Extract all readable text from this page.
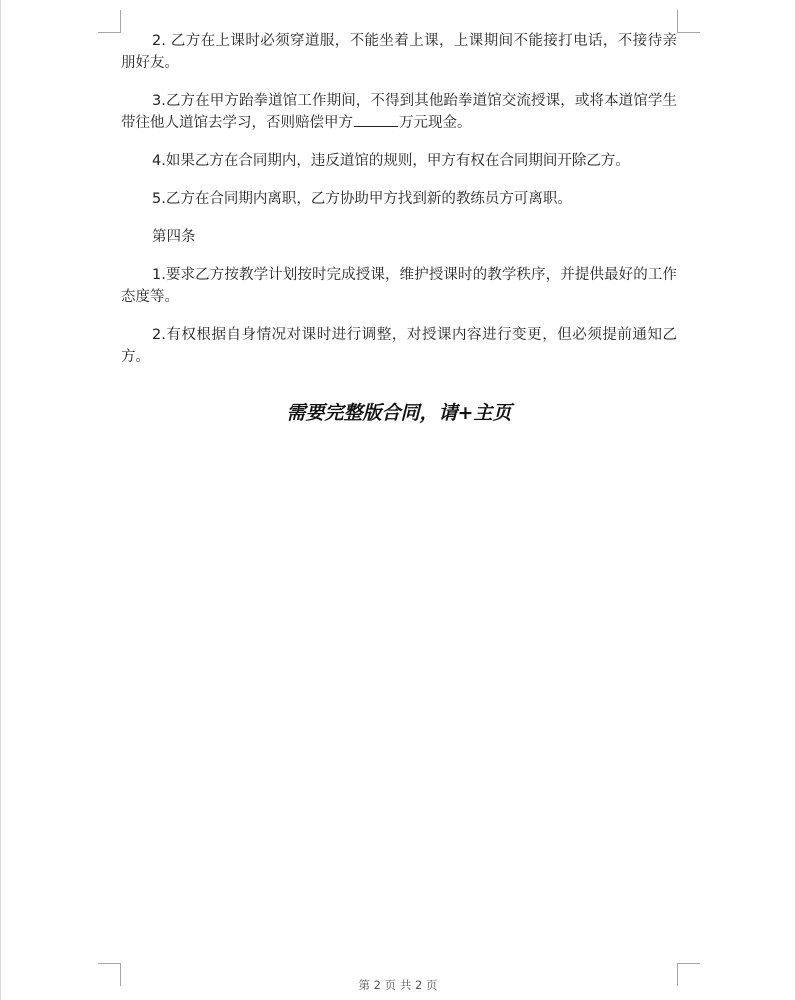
2. 乙方在上课时必须穿道服，不能坐着上课，上课期间不能接打电话，不接待亲朋好友。

3.乙方在甲方跆拳道馆工作期间，不得到其他跆拳道馆交流授课，或将本道馆学生带往他人道馆去学习，否则赔偿甲方	万元现金。

4.如果乙方在合同期内，违反道馆的规则，甲方有权在合同期间开除乙方。

5.乙方在合同期内离职，乙方协助甲方找到新的教练员方可离职。

第四条

1.要求乙方按教学计划按时完成授课，维护授课时的教学秩序，并提供最好的工作态度等。

2.有权根据自身情况对课时进行调整，对授课内容进行变更，但必须提前通知乙方。

需要完整版合同，请+主页
第 2 页 共 2 页
